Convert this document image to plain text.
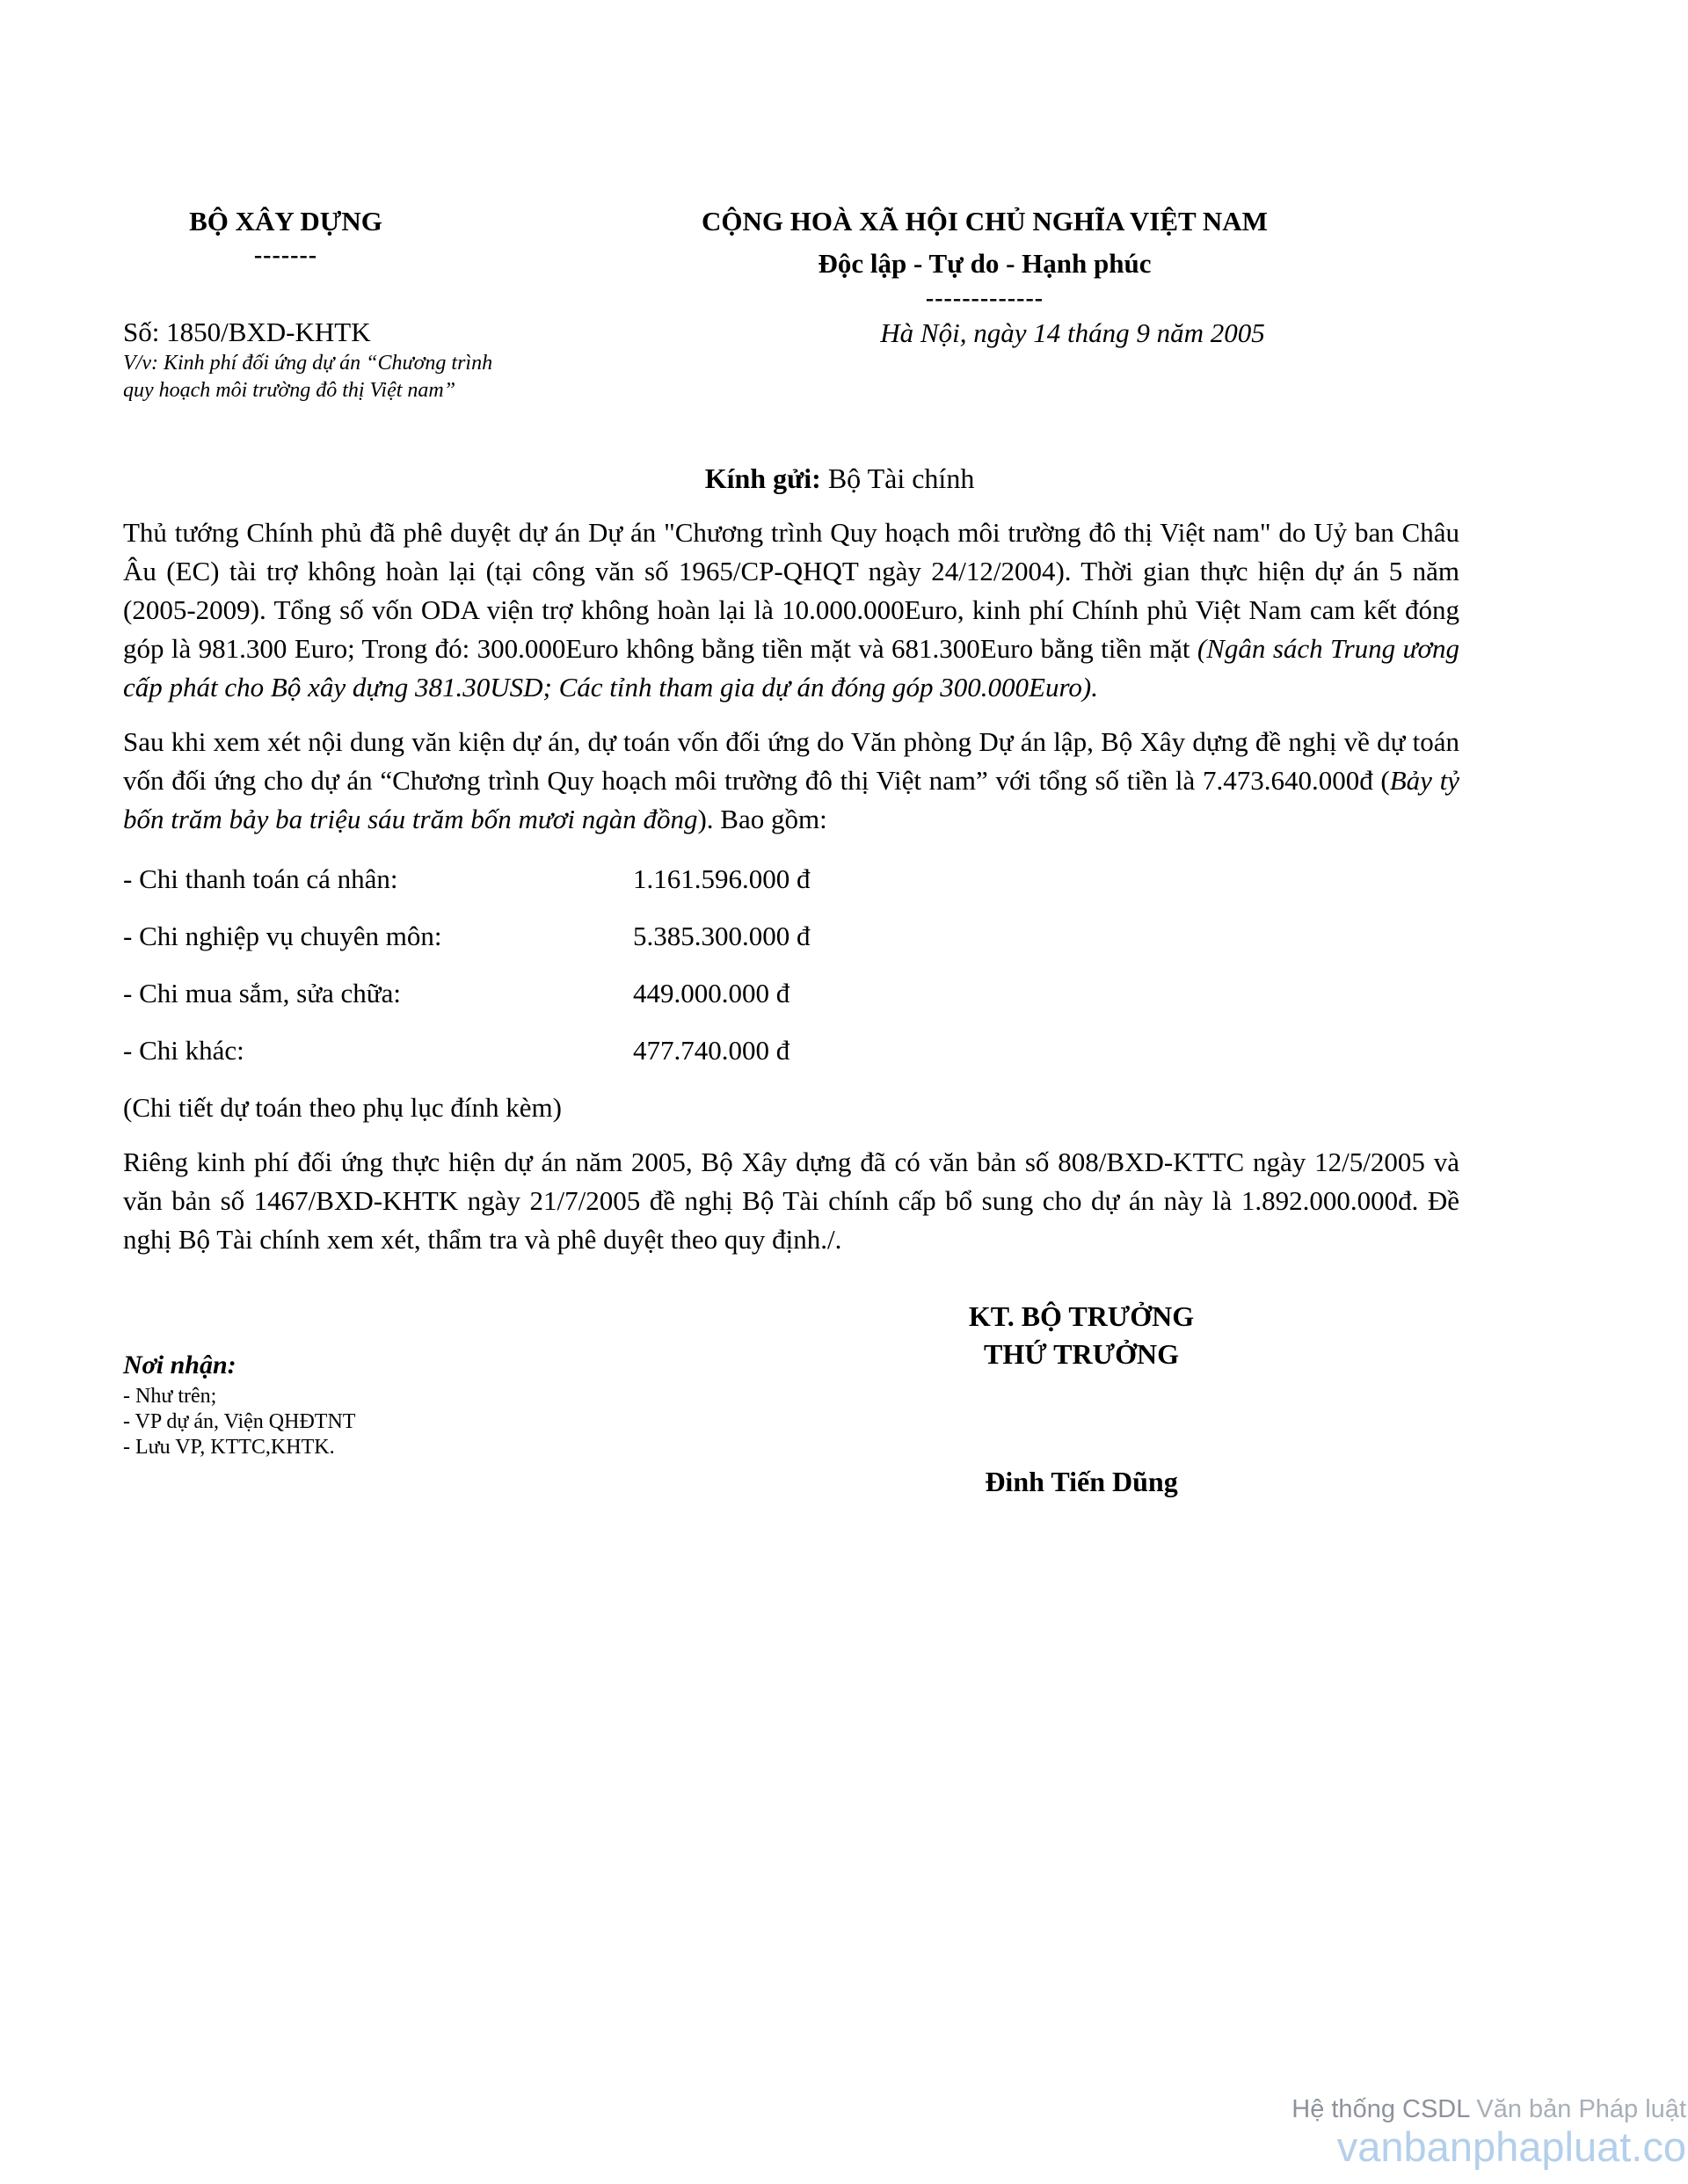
BỘ XÂY DỰNG
-------
Số: 1850/BXD-KHTK
V/v: Kinh phí đối ứng dự án “Chương trình
quy hoạch môi trường đô thị Việt nam”
CỘNG HOÀ XÃ HỘI CHỦ NGHĨA VIỆT NAM
Độc lập - Tự do - Hạnh phúc
-------------
Hà Nội, ngày 14 tháng 9 năm 2005
Kính gửi: Bộ Tài chính
Thủ tướng Chính phủ đã phê duyệt dự án Dự án "Chương trình Quy hoạch môi trường đô thị Việt nam" do Uỷ ban Châu Âu (EC) tài trợ không hoàn lại (tại công văn số 1965/CP-QHQT ngày 24/12/2004). Thời gian thực hiện dự án 5 năm (2005-2009). Tổng số vốn ODA viện trợ không hoàn lại là 10.000.000Euro, kinh phí Chính phủ Việt Nam cam kết đóng góp là 981.300 Euro; Trong đó: 300.000Euro không bằng tiền mặt và 681.300Euro bằng tiền mặt (Ngân sách Trung ương cấp phát cho Bộ xây dựng 381.30USD; Các tỉnh tham gia dự án đóng góp 300.000Euro).
Sau khi xem xét nội dung văn kiện dự án, dự toán vốn đối ứng do Văn phòng Dự án lập, Bộ Xây dựng đề nghị về dự toán vốn đối ứng cho dự án “Chương trình Quy hoạch môi trường đô thị Việt nam” với tổng số tiền là 7.473.640.000đ (Bảy tỷ bốn trăm bảy ba triệu sáu trăm bốn mươi ngàn đồng). Bao gồm:
- Chi thanh toán cá nhân:	1.161.596.000 đ
- Chi nghiệp vụ chuyên môn:	5.385.300.000 đ
- Chi mua sắm, sửa chữa:	449.000.000 đ
- Chi khác:	477.740.000 đ
(Chi tiết dự toán theo phụ lục đính kèm)
Riêng kinh phí đối ứng thực hiện dự án năm 2005, Bộ Xây dựng đã có văn bản số 808/BXD-KTTC ngày 12/5/2005 và văn bản số 1467/BXD-KHTK ngày 21/7/2005 đề nghị Bộ Tài chính cấp bổ sung cho dự án này là 1.892.000.000đ. Đề nghị Bộ Tài chính xem xét, thẩm tra và phê duyệt theo quy định./.
KT. BỘ TRƯỞNG
THỨ TRƯỞNG
Nơi nhận:
- Như trên;
- VP dự án, Viện QHĐTNT
- Lưu VP, KTTC,KHTK.
Đinh Tiến Dũng
Hệ thống CSDL Văn bản Pháp luật
vanbanphapluat.co
